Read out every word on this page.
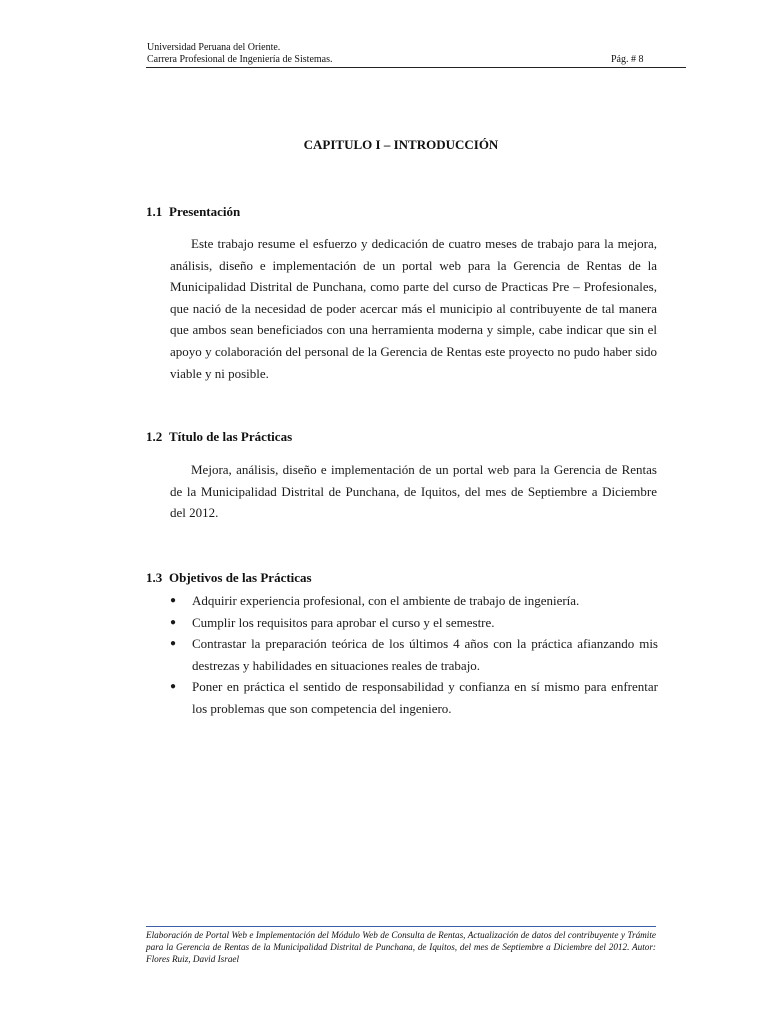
Universidad Peruana del Oriente.
Carrera Profesional de Ingeniería de Sistemas.	Pág. # 8
CAPITULO I – INTRODUCCIÓN
1.1 Presentación

Este trabajo resume el esfuerzo y dedicación de cuatro meses de trabajo para la mejora, análisis, diseño e implementación de un portal web para la Gerencia de Rentas de la Municipalidad Distrital de Punchana, como parte del curso de Practicas Pre – Profesionales, que nació de la necesidad de poder acercar más el municipio al contribuyente de tal manera que ambos sean beneficiados con una herramienta moderna y simple, cabe indicar que sin el apoyo y colaboración del personal de la Gerencia de Rentas este proyecto no pudo haber sido viable y ni posible.

1.2 Título de las Prácticas

Mejora, análisis, diseño e implementación de un portal web para la Gerencia de Rentas de la Municipalidad Distrital de Punchana, de Iquitos, del mes de Septiembre a Diciembre del 2012.

1.3 Objetivos de las Prácticas
● Adquirir experiencia profesional, con el ambiente de trabajo de ingeniería.
● Cumplir los requisitos para aprobar el curso y el semestre.
● Contrastar la preparación teórica de los últimos 4 años con la práctica afianzando mis destrezas y habilidades en situaciones reales de trabajo.
● Poner en práctica el sentido de responsabilidad y confianza en sí mismo para enfrentar los problemas que son competencia del ingeniero.
Elaboración de Portal Web e Implementación del Módulo Web de Consulta de Rentas, Actualización de datos del contribuyente y Trámite para la Gerencia de Rentas de la Municipalidad Distrital de Punchana, de Iquitos, del mes de Septiembre a Diciembre del 2012. Autor: Flores Ruiz, David Israel
